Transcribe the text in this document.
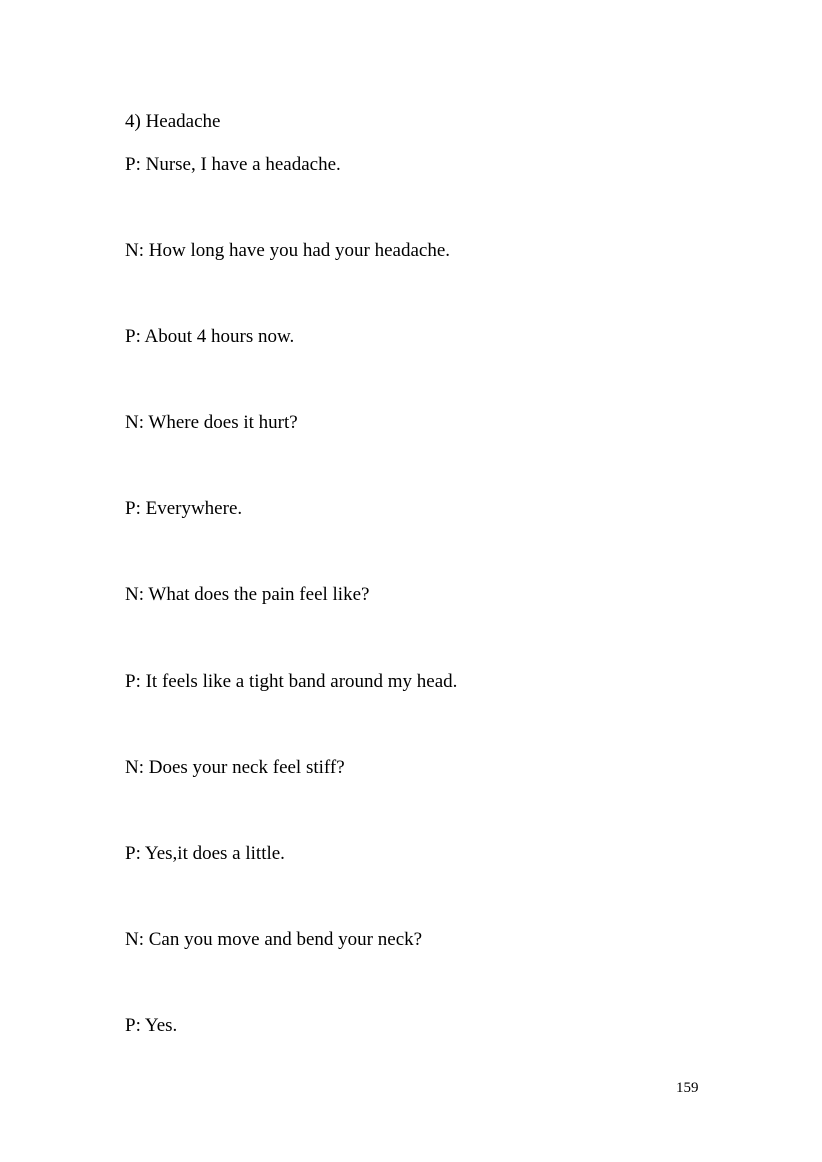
4) Headache

P: Nurse, I have a headache.

N: How long have you had your headache.

P: About 4 hours now.

N: Where does it hurt?

P: Everywhere.

N: What does the pain feel like?

P: It feels like a tight band around my head.

N: Does your neck feel stiff?

P: Yes,it does a little.

N: Can you move and bend your neck?

P: Yes.

159
